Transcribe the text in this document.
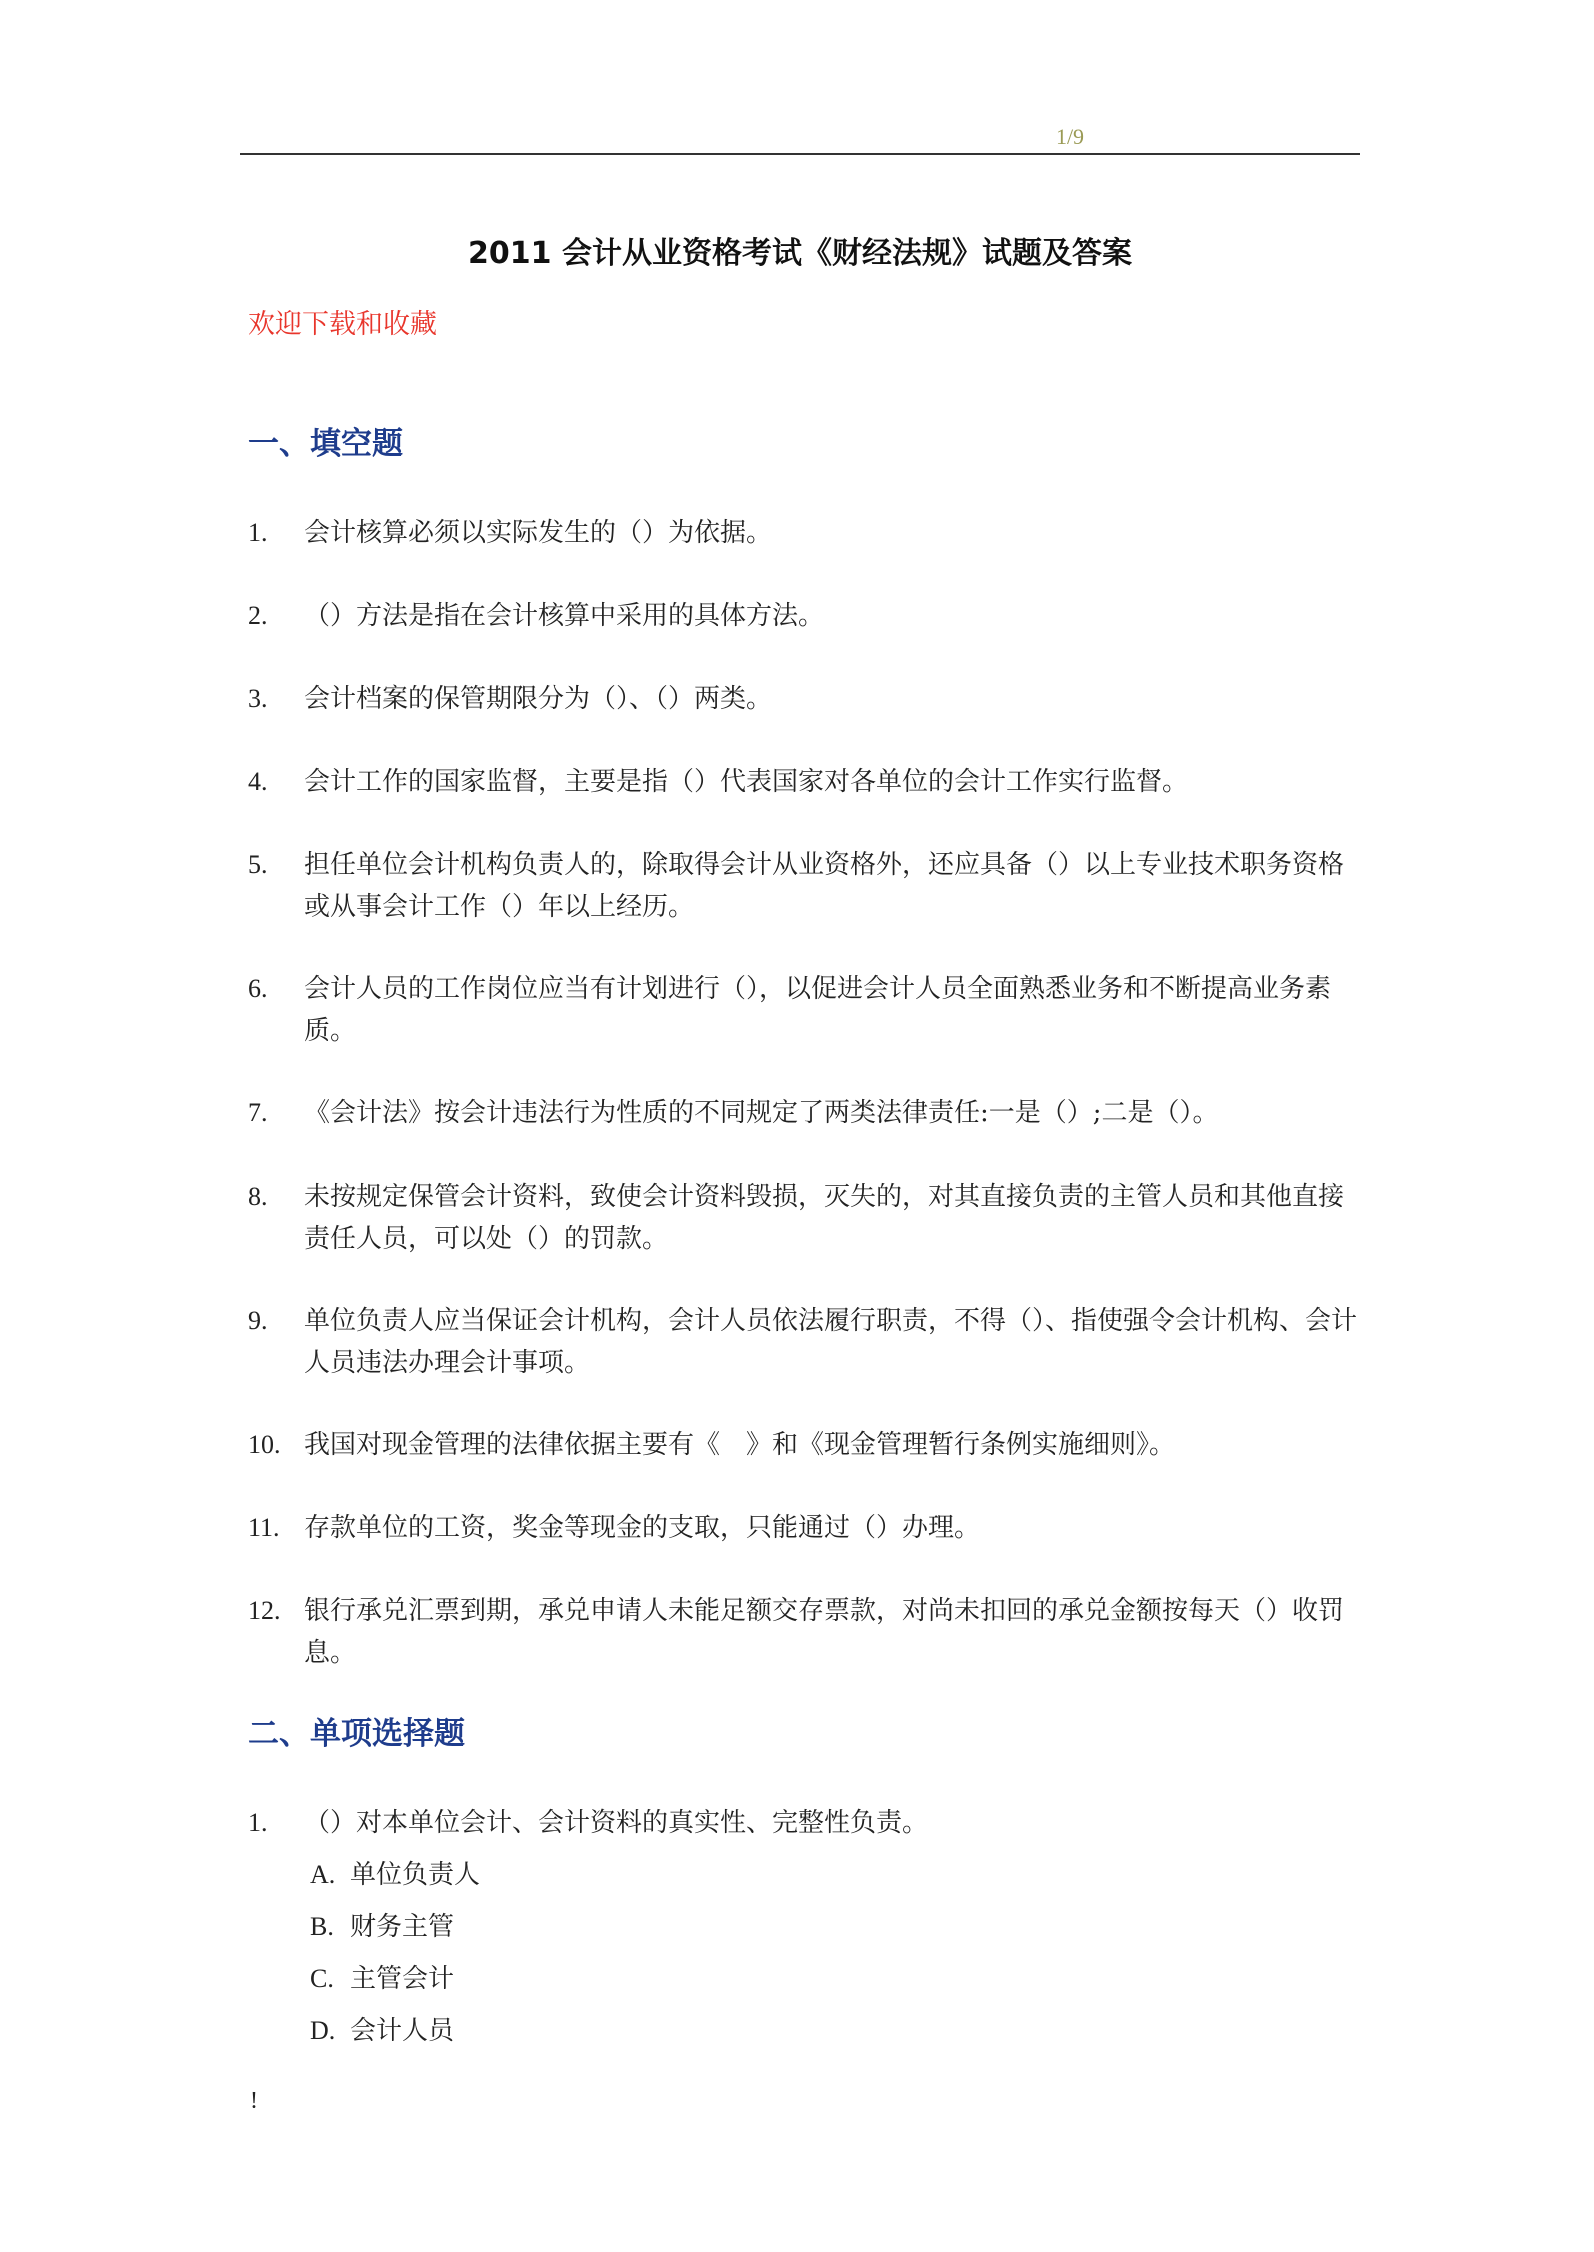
1/9
2011 会计从业资格考试《财经法规》试题及答案
欢迎下载和收藏
一、填空题
1. 会计核算必须以实际发生的（）为依据。
2. （）方法是指在会计核算中采用的具体方法。
3. 会计档案的保管期限分为（）、（）两类。
4. 会计工作的国家监督，主要是指（）代表国家对各单位的会计工作实行监督。
5. 担任单位会计机构负责人的，除取得会计从业资格外，还应具备（）以上专业技术职务资格或从事会计工作（）年以上经历。
6. 会计人员的工作岗位应当有计划进行（），以促进会计人员全面熟悉业务和不断提高业务素质。
7. 《会计法》按会计违法行为性质的不同规定了两类法律责任:一是（）;二是（）。
8. 未按规定保管会计资料，致使会计资料毁损，灭失的，对其直接负责的主管人员和其他直接责任人员，可以处（）的罚款。
9. 单位负责人应当保证会计机构，会计人员依法履行职责，不得（）、指使强令会计机构、会计人员违法办理会计事项。
10. 我国对现金管理的法律依据主要有《　》和《现金管理暂行条例实施细则》。
11. 存款单位的工资，奖金等现金的支取，只能通过（）办理。
12. 银行承兑汇票到期，承兑申请人未能足额交存票款，对尚未扣回的承兑金额按每天（）收罚息。
二、单项选择题
1. （）对本单位会计、会计资料的真实性、完整性负责。
A. 单位负责人
B. 财务主管
C. 主管会计
D. 会计人员
!
